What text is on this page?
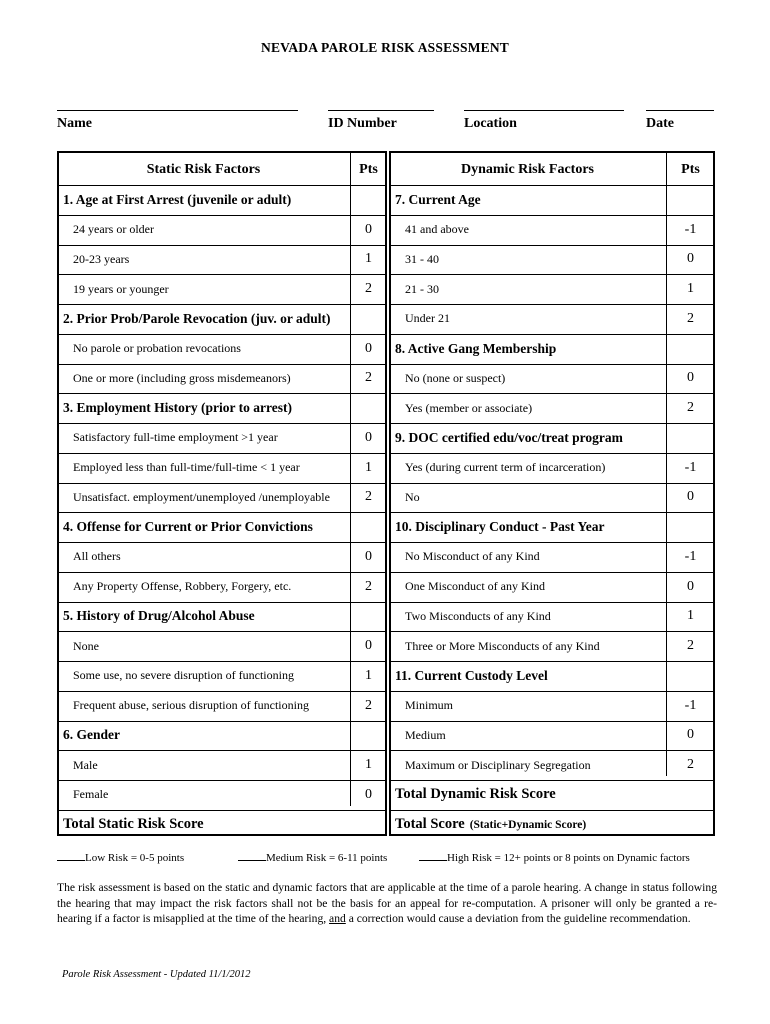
NEVADA PAROLE RISK ASSESSMENT
Name	ID Number	Location	Date
Static Risk Factors	Pts	Dynamic Risk Factors	Pts
1. Age at First Arrest (juvenile or adult)
24 years or older	0
20-23 years	1
19 years or younger	2
2. Prior Prob/Parole Revocation (juv. or adult)
No parole or probation revocations	0
One or more (including gross misdemeanors)	2
3. Employment History (prior to arrest)
Satisfactory full-time employment >1 year	0
Employed less than full-time/full-time < 1 year	1
Unsatisfact. employment/unemployed /unemployable	2
4. Offense for Current or Prior Convictions
All others	0
Any Property Offense, Robbery, Forgery, etc.	2
5. History of Drug/Alcohol Abuse
None	0
Some use, no severe disruption of functioning	1
Frequent abuse, serious disruption of functioning	2
6. Gender
Male	1
Female	0
Total Static Risk Score
7. Current Age
41 and above	-1
31 - 40	0
21 - 30	1
Under 21	2
8. Active Gang Membership
No (none or suspect)	0
Yes (member or associate)	2
9. DOC certified edu/voc/treat program
Yes (during current term of incarceration)	-1
No	0
10. Disciplinary Conduct - Past Year
No Misconduct of any Kind	-1
One Misconduct of any Kind	0
Two Misconducts of any Kind	1
Three or More Misconducts of any Kind	2
11. Current Custody Level
Minimum	-1
Medium	0
Maximum or Disciplinary Segregation	2
Total Dynamic Risk Score
Total Score (Static+Dynamic Score)
Low Risk = 0-5 points	Medium Risk = 6-11 points	High Risk = 12+ points or 8 points on Dynamic factors
The risk assessment is based on the static and dynamic factors that are applicable at the time of a parole hearing. A change in status following the hearing that may impact the risk factors shall not be the basis for an appeal for re-computation. A prisoner will only be granted a re-hearing if a factor is misapplied at the time of the hearing, and a correction would cause a deviation from the guideline recommendation.
Parole Risk Assessment - Updated 11/1/2012
